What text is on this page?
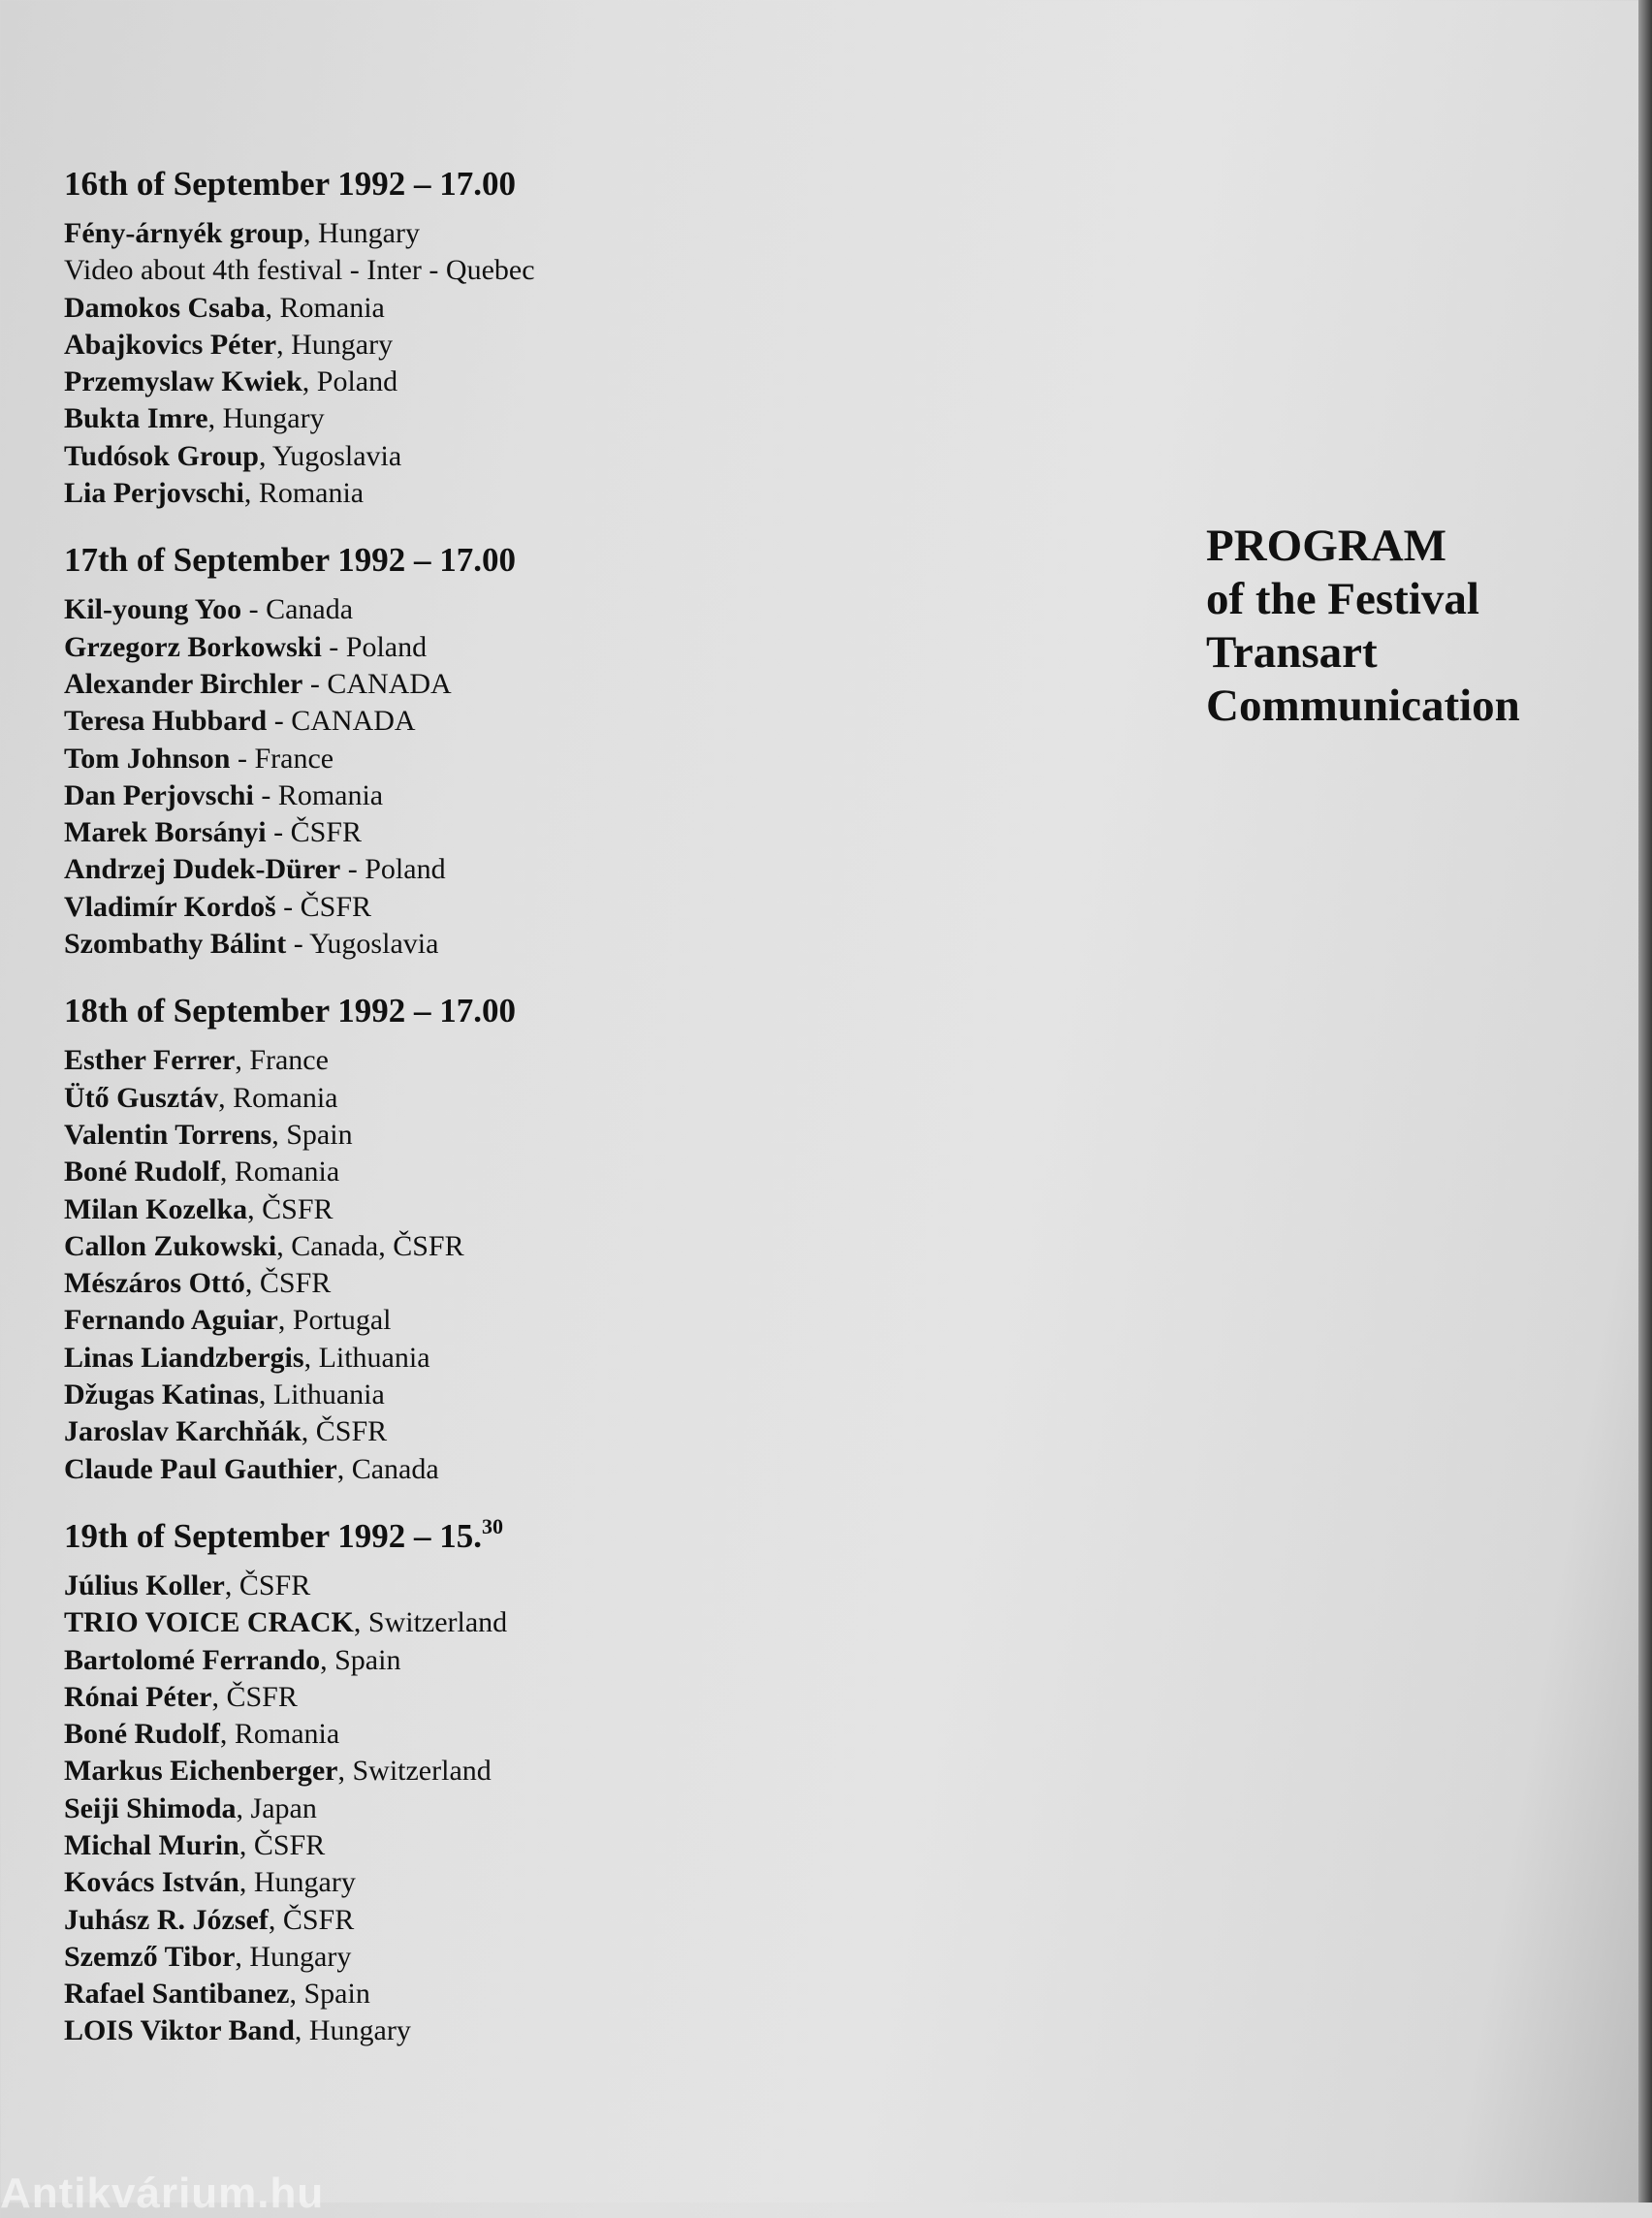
16th of September 1992 – 17.00
Fény-árnyék group, Hungary
Video about 4th festival - Inter - Quebec
Damokos Csaba, Romania
Abajkovics Péter, Hungary
Przemyslaw Kwiek, Poland
Bukta Imre, Hungary
Tudósok Group, Yugoslavia
Lia Perjovschi, Romania
17th of September 1992 – 17.00
Kil-young Yoo - Canada
Grzegorz Borkowski - Poland
Alexander Birchler - CANADA
Teresa Hubbard - CANADA
Tom Johnson - France
Dan Perjovschi - Romania
Marek Borsányi - ČSFR
Andrzej Dudek-Dürer - Poland
Vladimír Kordoš - ČSFR
Szombathy Bálint - Yugoslavia
18th of September 1992 – 17.00
Esther Ferrer, France
Ütő Gusztáv, Romania
Valentin Torrens, Spain
Boné Rudolf, Romania
Milan Kozelka, ČSFR
Callon Zukowski, Canada, ČSFR
Mészáros Ottó, ČSFR
Fernando Aguiar, Portugal
Linas Liandzbergis, Lithuania
Džugas Katinas, Lithuania
Jaroslav Karchňák, ČSFR
Claude Paul Gauthier, Canada
19th of September 1992 – 15.30
Július Koller, ČSFR
TRIO VOICE CRACK, Switzerland
Bartolomé Ferrando, Spain
Rónai Péter, ČSFR
Boné Rudolf, Romania
Markus Eichenberger, Switzerland
Seiji Shimoda, Japan
Michal Murin, ČSFR
Kovács István, Hungary
Juhász R. József, ČSFR
Szemző Tibor, Hungary
Rafael Santibanez, Spain
LOIS Viktor Band, Hungary
PROGRAM
of the Festival
Transart
Communication
Antikvárium.hu
